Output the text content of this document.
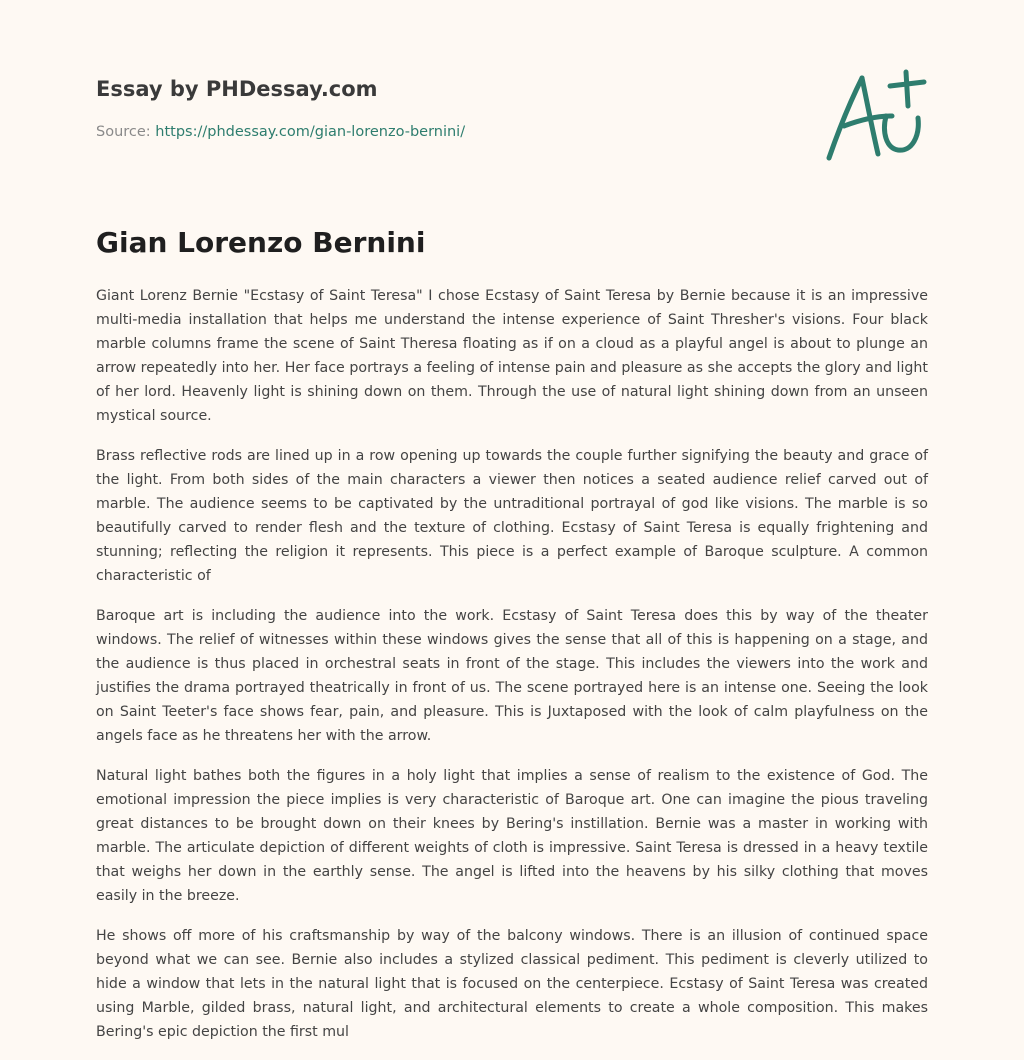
Essay by PHDessay.com
Source: https://phdessay.com/gian-lorenzo-bernini/
Gian Lorenzo Bernini

Giant Lorenz Bernie "Ecstasy of Saint Teresa" I chose Ecstasy of Saint Teresa by Bernie because it is an impressive multi-media installation that helps me understand the intense experience of Saint Thresher's visions. Four black marble columns frame the scene of Saint Theresa floating as if on a cloud as a playful angel is about to plunge an arrow repeatedly into her. Her face portrays a feeling of intense pain and pleasure as she accepts the glory and light of her lord. Heavenly light is shining down on them. Through the use of natural light shining down from an unseen mystical source.

Brass reflective rods are lined up in a row opening up towards the couple further signifying the beauty and grace of the light. From both sides of the main characters a viewer then notices a seated audience relief carved out of marble. The audience seems to be captivated by the untraditional portrayal of god like visions. The marble is so beautifully carved to render flesh and the texture of clothing. Ecstasy of Saint Teresa is equally frightening and stunning; reflecting the religion it represents. This piece is a perfect example of Baroque sculpture. A common characteristic of

Baroque art is including the audience into the work. Ecstasy of Saint Teresa does this by way of the theater windows. The relief of witnesses within these windows gives the sense that all of this is happening on a stage, and the audience is thus placed in orchestral seats in front of the stage. This includes the viewers into the work and justifies the drama portrayed theatrically in front of us. The scene portrayed here is an intense one. Seeing the look on Saint Teeter's face shows fear, pain, and pleasure. This is Juxtaposed with the look of calm playfulness on the angels face as he threatens her with the arrow.

Natural light bathes both the figures in a holy light that implies a sense of realism to the existence of God. The emotional impression the piece implies is very characteristic of Baroque art. One can imagine the pious traveling great distances to be brought down on their knees by Bering's instillation. Bernie was a master in working with marble. The articulate depiction of different weights of cloth is impressive. Saint Teresa is dressed in a heavy textile that weighs her down in the earthly sense. The angel is lifted into the heavens by his silky clothing that moves easily in the breeze.

He shows off more of his craftsmanship by way of the balcony windows. There is an illusion of continued space beyond what we can see. Bernie also includes a stylized classical pediment. This pediment is cleverly utilized to hide a window that lets in the natural light that is focused on the centerpiece. Ecstasy of Saint Teresa was created using Marble, gilded brass, natural light, and architectural elements to create a whole composition. This makes Bering's epic depiction the first mul
